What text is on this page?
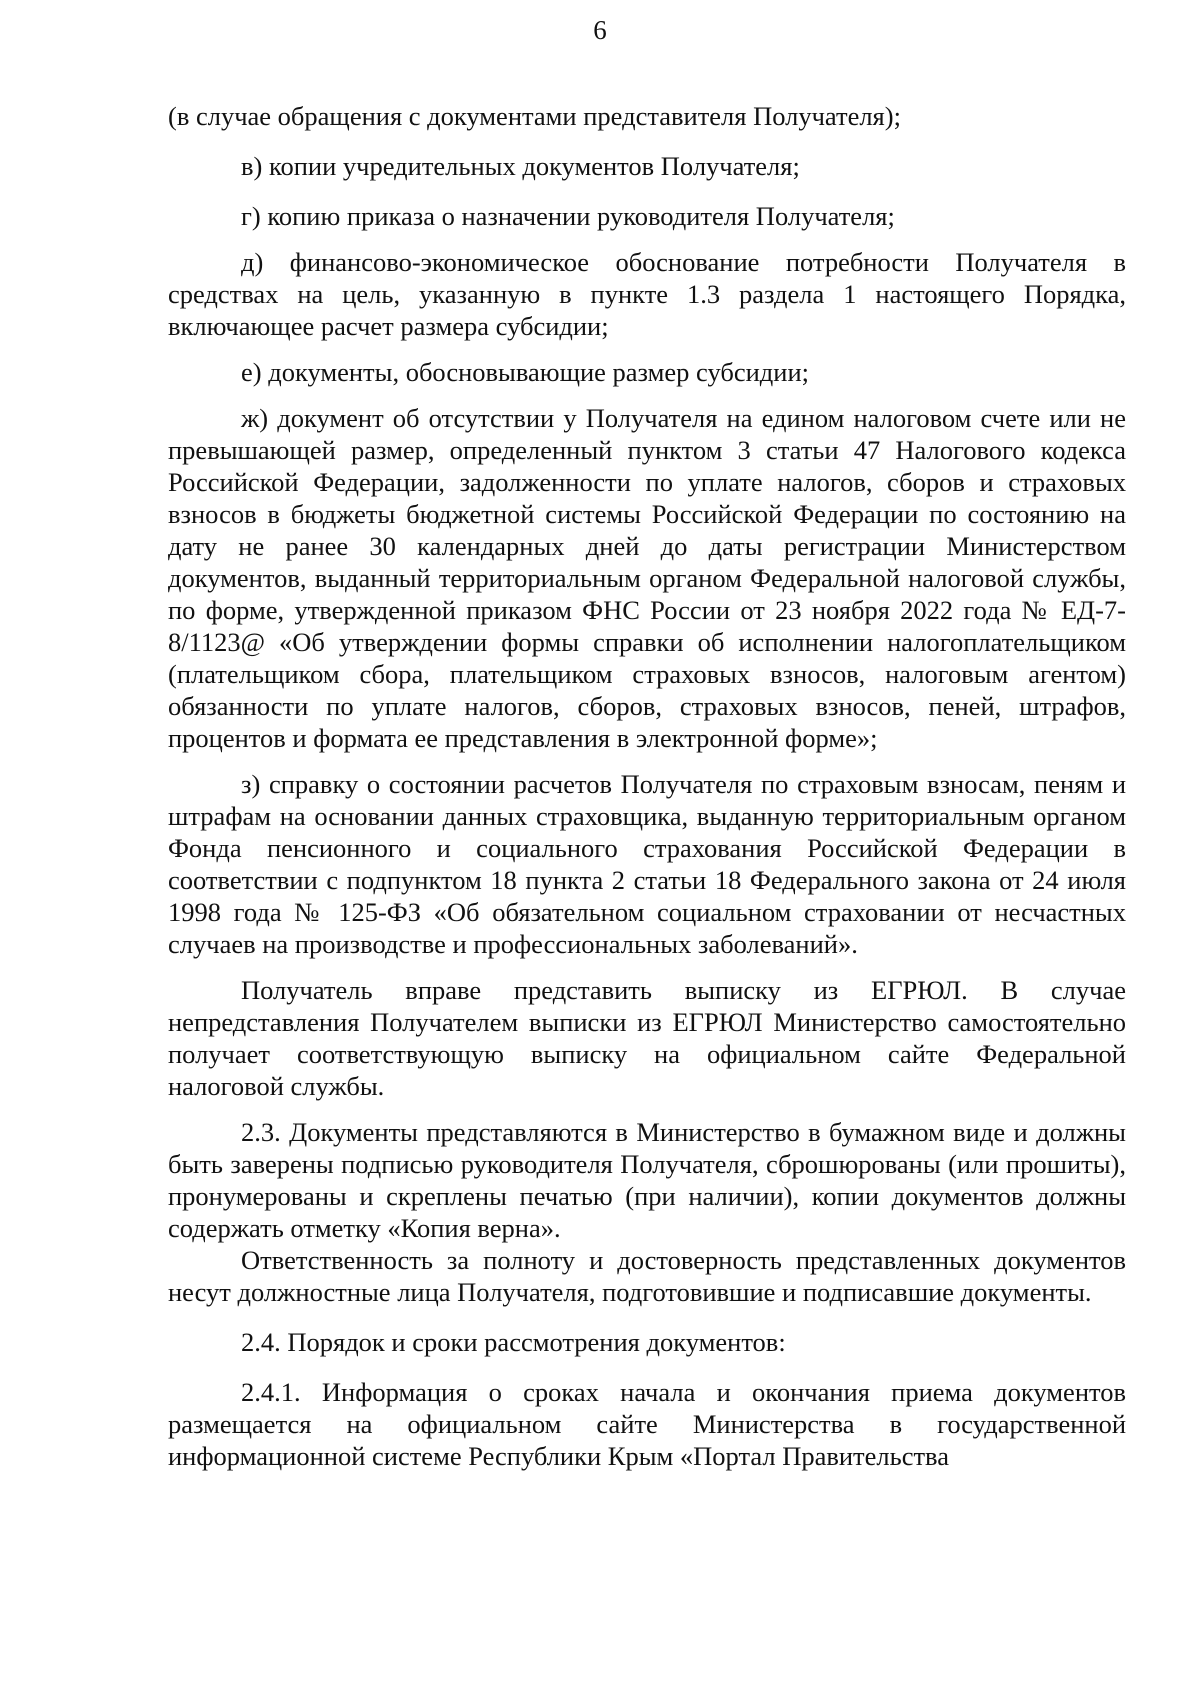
6

(в случае обращения с документами представителя Получателя);

в) копии учредительных документов Получателя;

г) копию приказа о назначении руководителя Получателя;

д) финансово-экономическое обоснование потребности Получателя в средствах на цель, указанную в пункте 1.3 раздела 1 настоящего Порядка, включающее расчет размера субсидии;

е) документы, обосновывающие размер субсидии;

ж) документ об отсутствии у Получателя на едином налоговом счете или не превышающей размер, определенный пунктом 3 статьи 47 Налогового кодекса Российской Федерации, задолженности по уплате налогов, сборов и страховых взносов в бюджеты бюджетной системы Российской Федерации по состоянию на дату не ранее 30 календарных дней до даты регистрации Министерством документов, выданный территориальным органом Федеральной налоговой службы, по форме, утвержденной приказом ФНС России от 23 ноября 2022 года № ЕД-7-8/1123@ «Об утверждении формы справки об исполнении налогоплательщиком (плательщиком сбора, плательщиком страховых взносов, налоговым агентом) обязанности по уплате налогов, сборов, страховых взносов, пеней, штрафов, процентов и формата ее представления в электронной форме»;

з) справку о состоянии расчетов Получателя по страховым взносам, пеням и штрафам на основании данных страховщика, выданную территориальным органом Фонда пенсионного и социального страхования Российской Федерации в соответствии с подпунктом 18 пункта 2 статьи 18 Федерального закона от 24 июля 1998 года № 125-ФЗ «Об обязательном социальном страховании от несчастных случаев на производстве и профессиональных заболеваний».

Получатель вправе представить выписку из ЕГРЮЛ. В случае непредставления Получателем выписки из ЕГРЮЛ Министерство самостоятельно получает соответствующую выписку на официальном сайте Федеральной налоговой службы.

2.3. Документы представляются в Министерство в бумажном виде и должны быть заверены подписью руководителя Получателя, сброшюрованы (или прошиты), пронумерованы и скреплены печатью (при наличии), копии документов должны содержать отметку «Копия верна».

Ответственность за полноту и достоверность представленных документов несут должностные лица Получателя, подготовившие и подписавшие документы.

2.4. Порядок и сроки рассмотрения документов:

2.4.1. Информация о сроках начала и окончания приема документов размещается на официальном сайте Министерства в государственной информационной системе Республики Крым «Портал Правительства
